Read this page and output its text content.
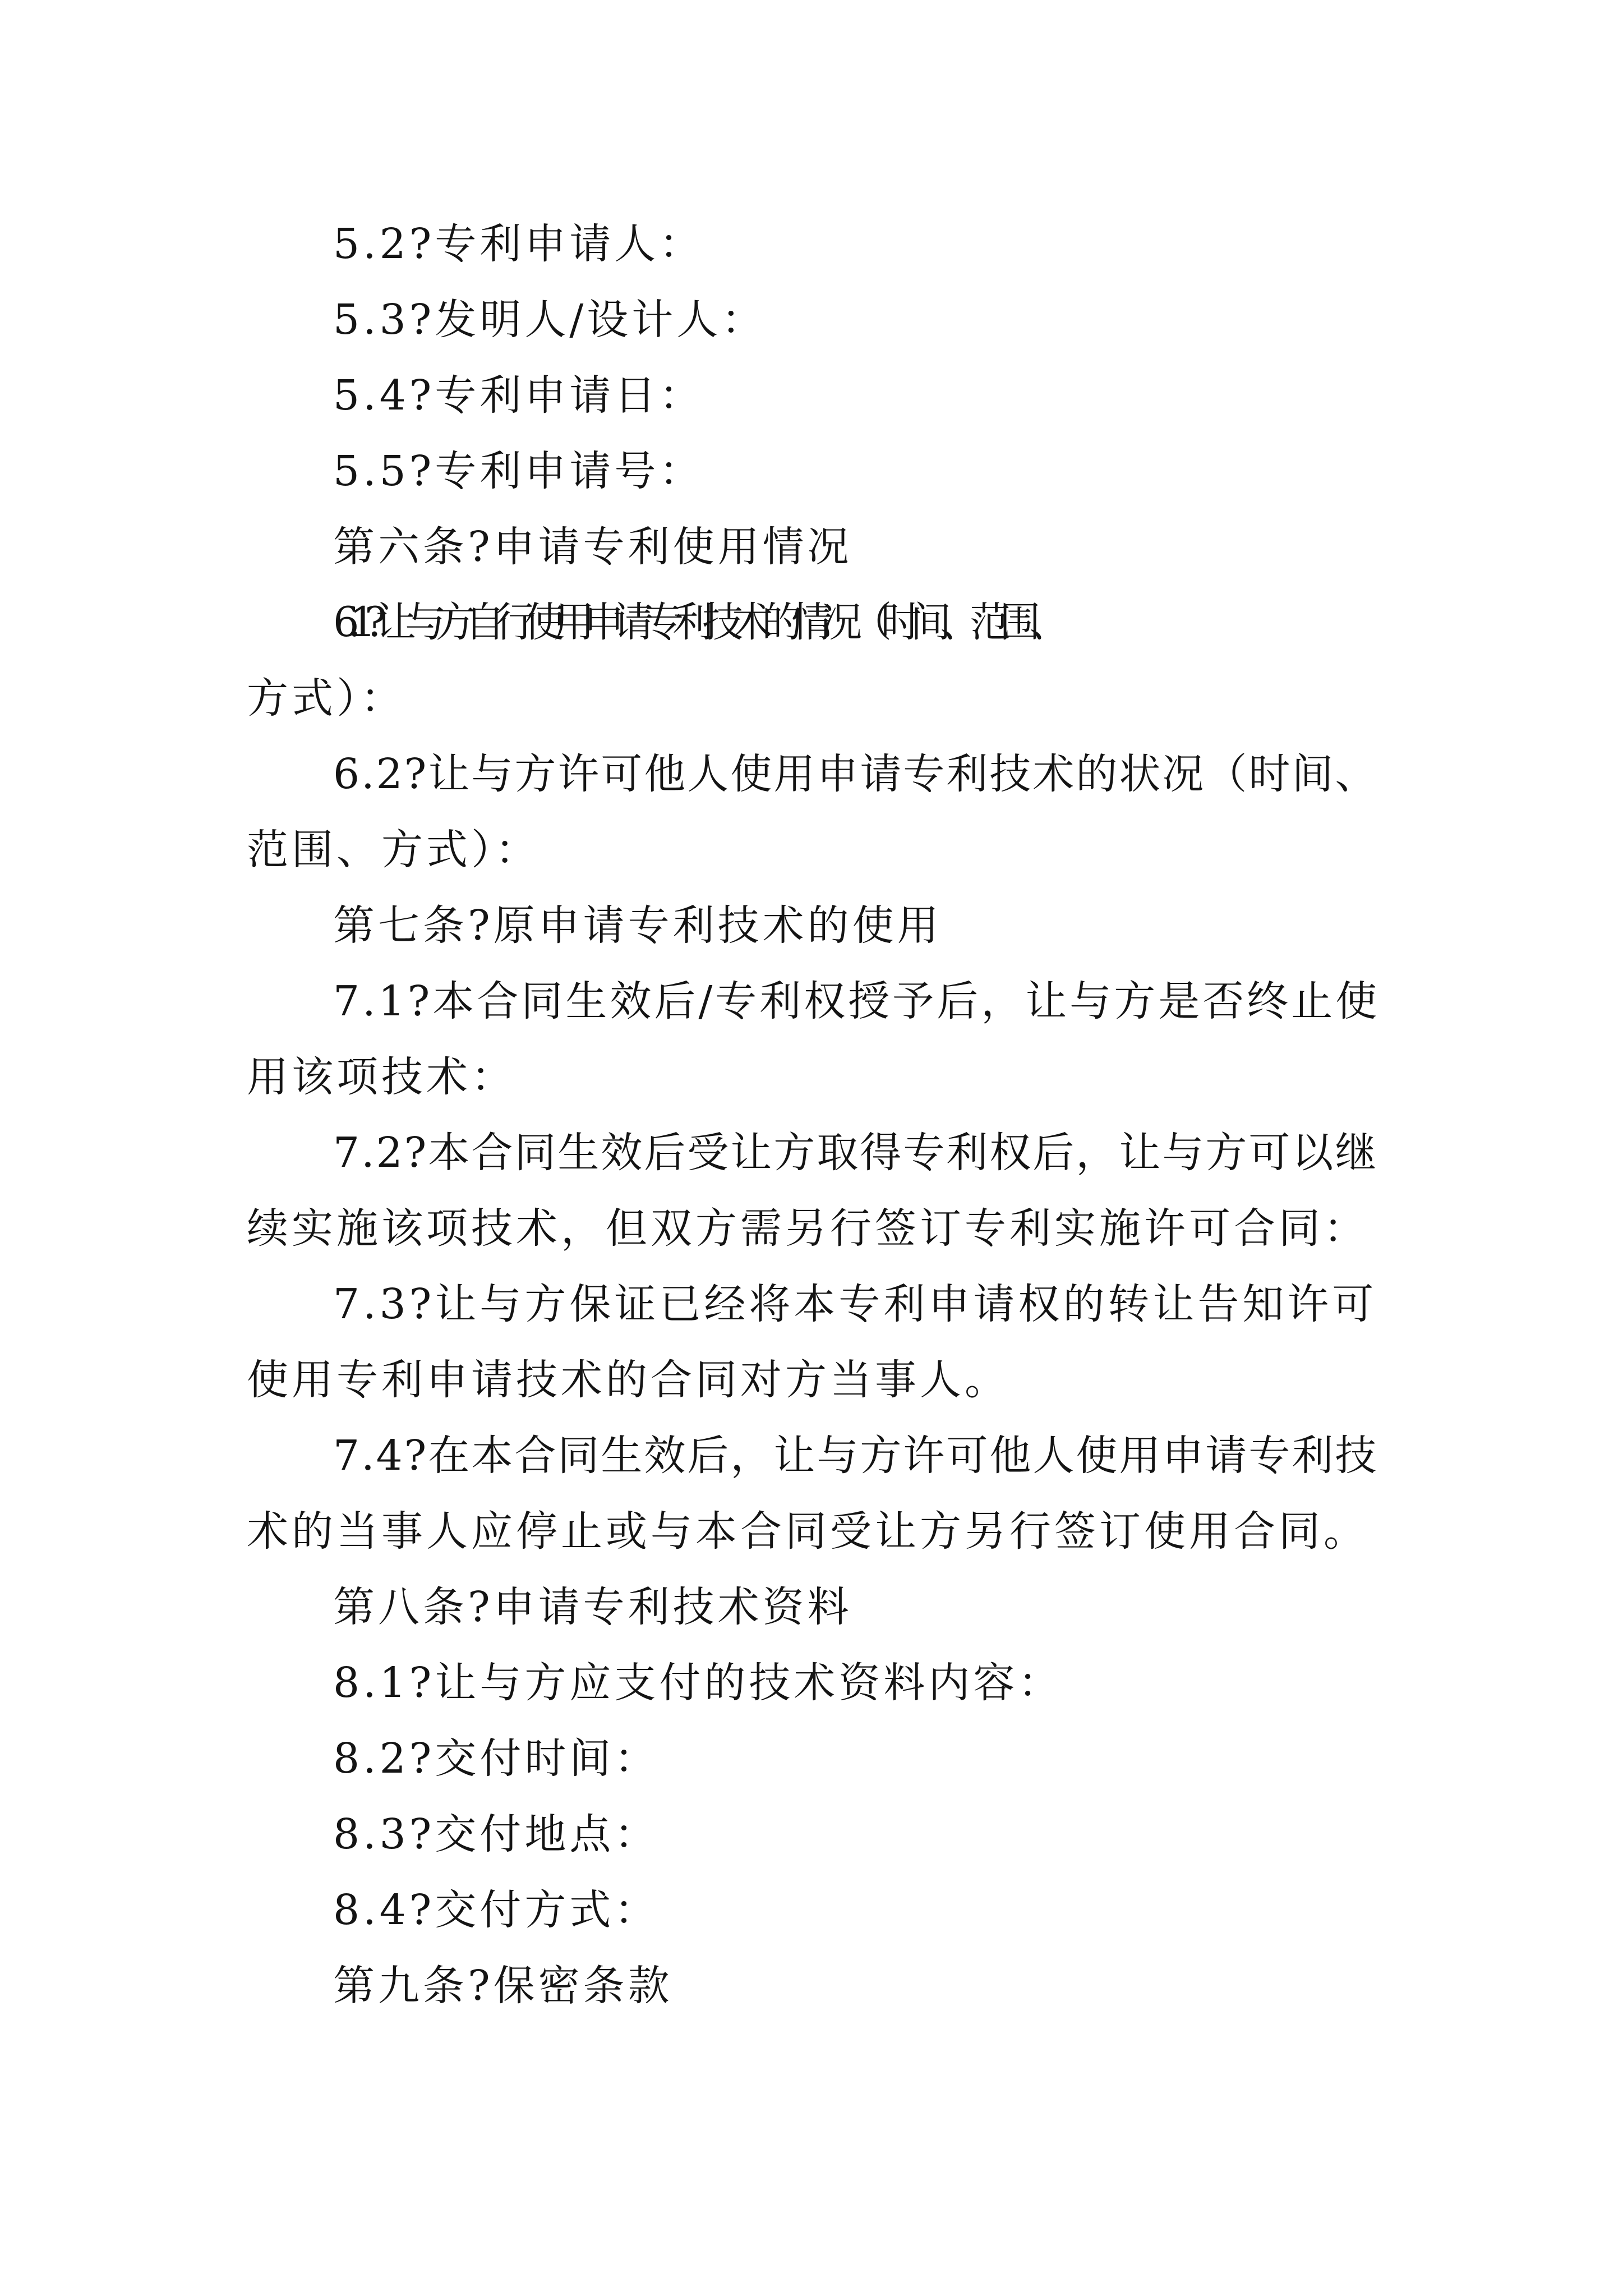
5.2?专利申请人：

5.3?发明人/设计人：

5.4?专利申请日：

5.5?专利申请号：

第六条?申请专利使用情况

6.1?让与方自行使用申请专利技术的情况（时间、范围、

方式）：

6.2?让与方许可他人使用申请专利技术的状况（时间、

范围、方式）：

第七条?原申请专利技术的使用

7.1?本合同生效后/专利权授予后，让与方是否终止使

用该项技术：

7.2?本合同生效后受让方取得专利权后，让与方可以继

续实施该项技术，但双方需另行签订专利实施许可合同：

7.3?让与方保证已经将本专利申请权的转让告知许可

使用专利申请技术的合同对方当事人。

7.4?在本合同生效后，让与方许可他人使用申请专利技

术的当事人应停止或与本合同受让方另行签订使用合同。

第八条?申请专利技术资料

8.1?让与方应支付的技术资料内容：

8.2?交付时间：

8.3?交付地点：

8.4?交付方式：

第九条?保密条款
